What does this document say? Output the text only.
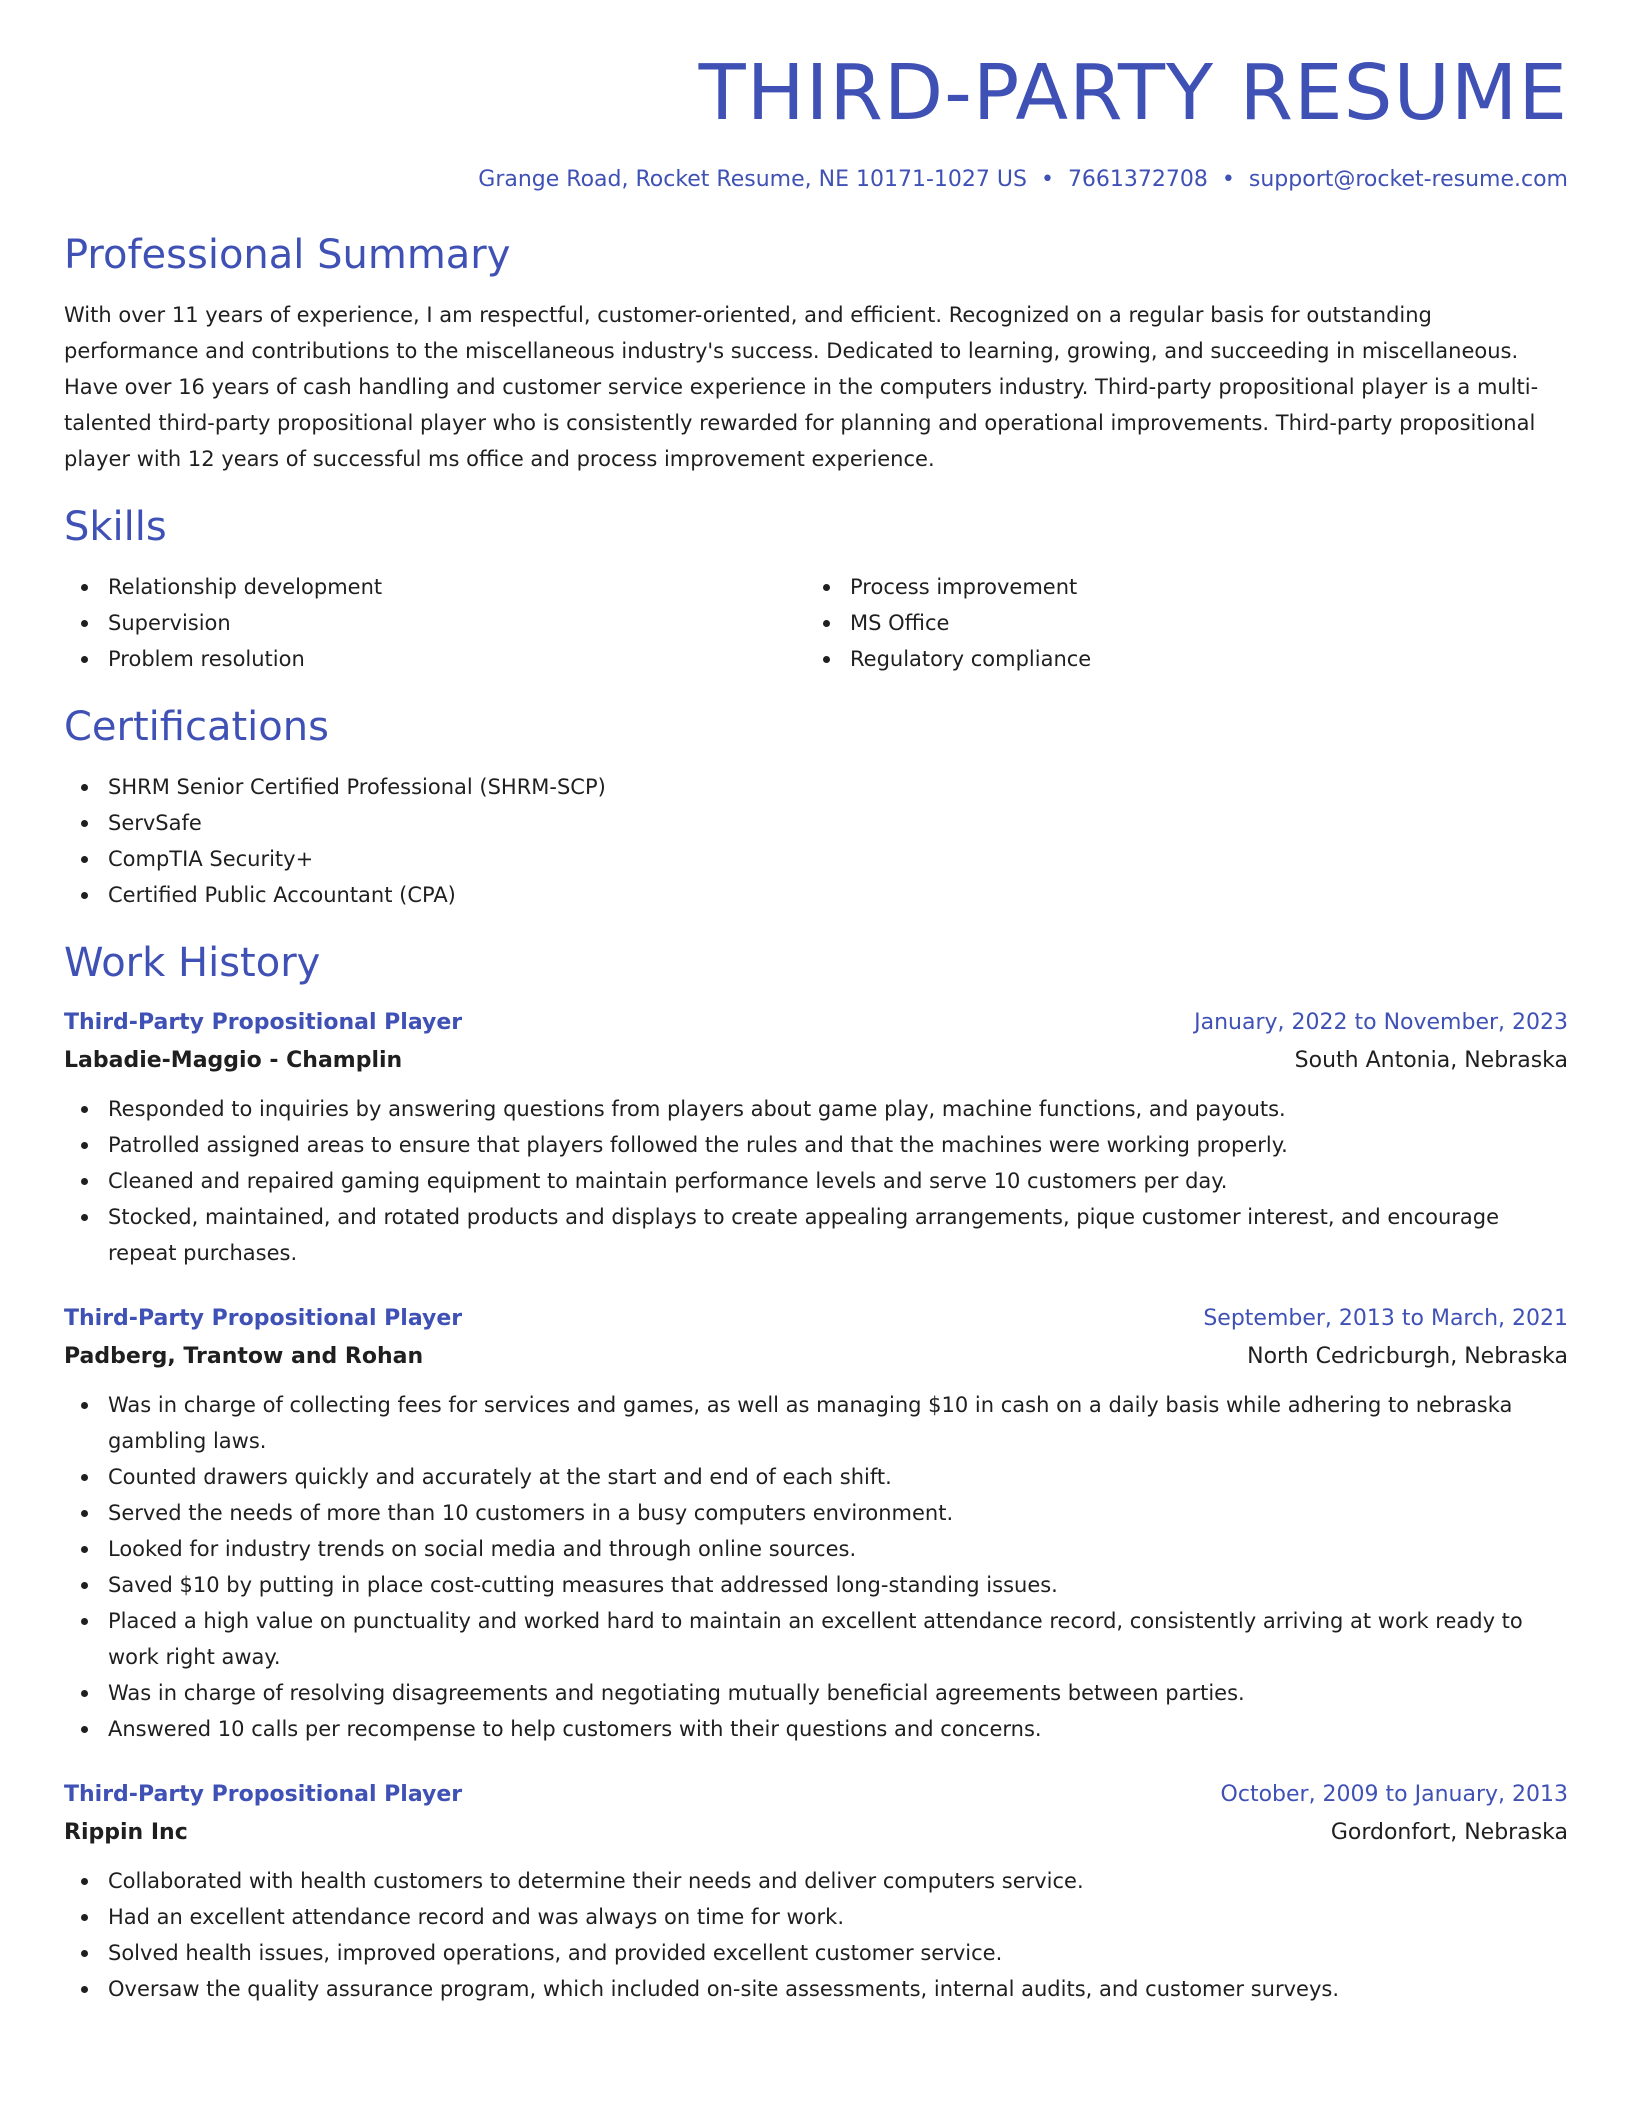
THIRD-PARTY RESUME
Grange Road, Rocket Resume, NE 10171-1027 US • 7661372708 • support@rocket-resume.com
Professional Summary

With over 11 years of experience, I am respectful, customer-oriented, and efficient. Recognized on a regular basis for outstanding performance and contributions to the miscellaneous industry's success. Dedicated to learning, growing, and succeeding in miscellaneous. Have over 16 years of cash handling and customer service experience in the computers industry. Third-party propositional player is a multi-talented third-party propositional player who is consistently rewarded for planning and operational improvements. Third-party propositional player with 12 years of successful ms office and process improvement experience.

Skills
Relationship development
Supervision
Problem resolution
Process improvement
MS Office
Regulatory compliance
Certifications
SHRM Senior Certified Professional (SHRM-SCP)
ServSafe
CompTIA Security+
Certified Public Accountant (CPA)
Work History
Third-Party Propositional Player	January, 2022 to November, 2023
Labadie-Maggio - Champlin	South Antonia, Nebraska
Responded to inquiries by answering questions from players about game play, machine functions, and payouts.
Patrolled assigned areas to ensure that players followed the rules and that the machines were working properly.
Cleaned and repaired gaming equipment to maintain performance levels and serve 10 customers per day.
Stocked, maintained, and rotated products and displays to create appealing arrangements, pique customer interest, and encourage repeat purchases.
Third-Party Propositional Player	September, 2013 to March, 2021
Padberg, Trantow and Rohan	North Cedricburgh, Nebraska
Was in charge of collecting fees for services and games, as well as managing $10 in cash on a daily basis while adhering to nebraska gambling laws.
Counted drawers quickly and accurately at the start and end of each shift.
Served the needs of more than 10 customers in a busy computers environment.
Looked for industry trends on social media and through online sources.
Saved $10 by putting in place cost-cutting measures that addressed long-standing issues.
Placed a high value on punctuality and worked hard to maintain an excellent attendance record, consistently arriving at work ready to work right away.
Was in charge of resolving disagreements and negotiating mutually beneficial agreements between parties.
Answered 10 calls per recompense to help customers with their questions and concerns.
Third-Party Propositional Player	October, 2009 to January, 2013
Rippin Inc	Gordonfort, Nebraska
Collaborated with health customers to determine their needs and deliver computers service.
Had an excellent attendance record and was always on time for work.
Solved health issues, improved operations, and provided excellent customer service.
Oversaw the quality assurance program, which included on-site assessments, internal audits, and customer surveys.
